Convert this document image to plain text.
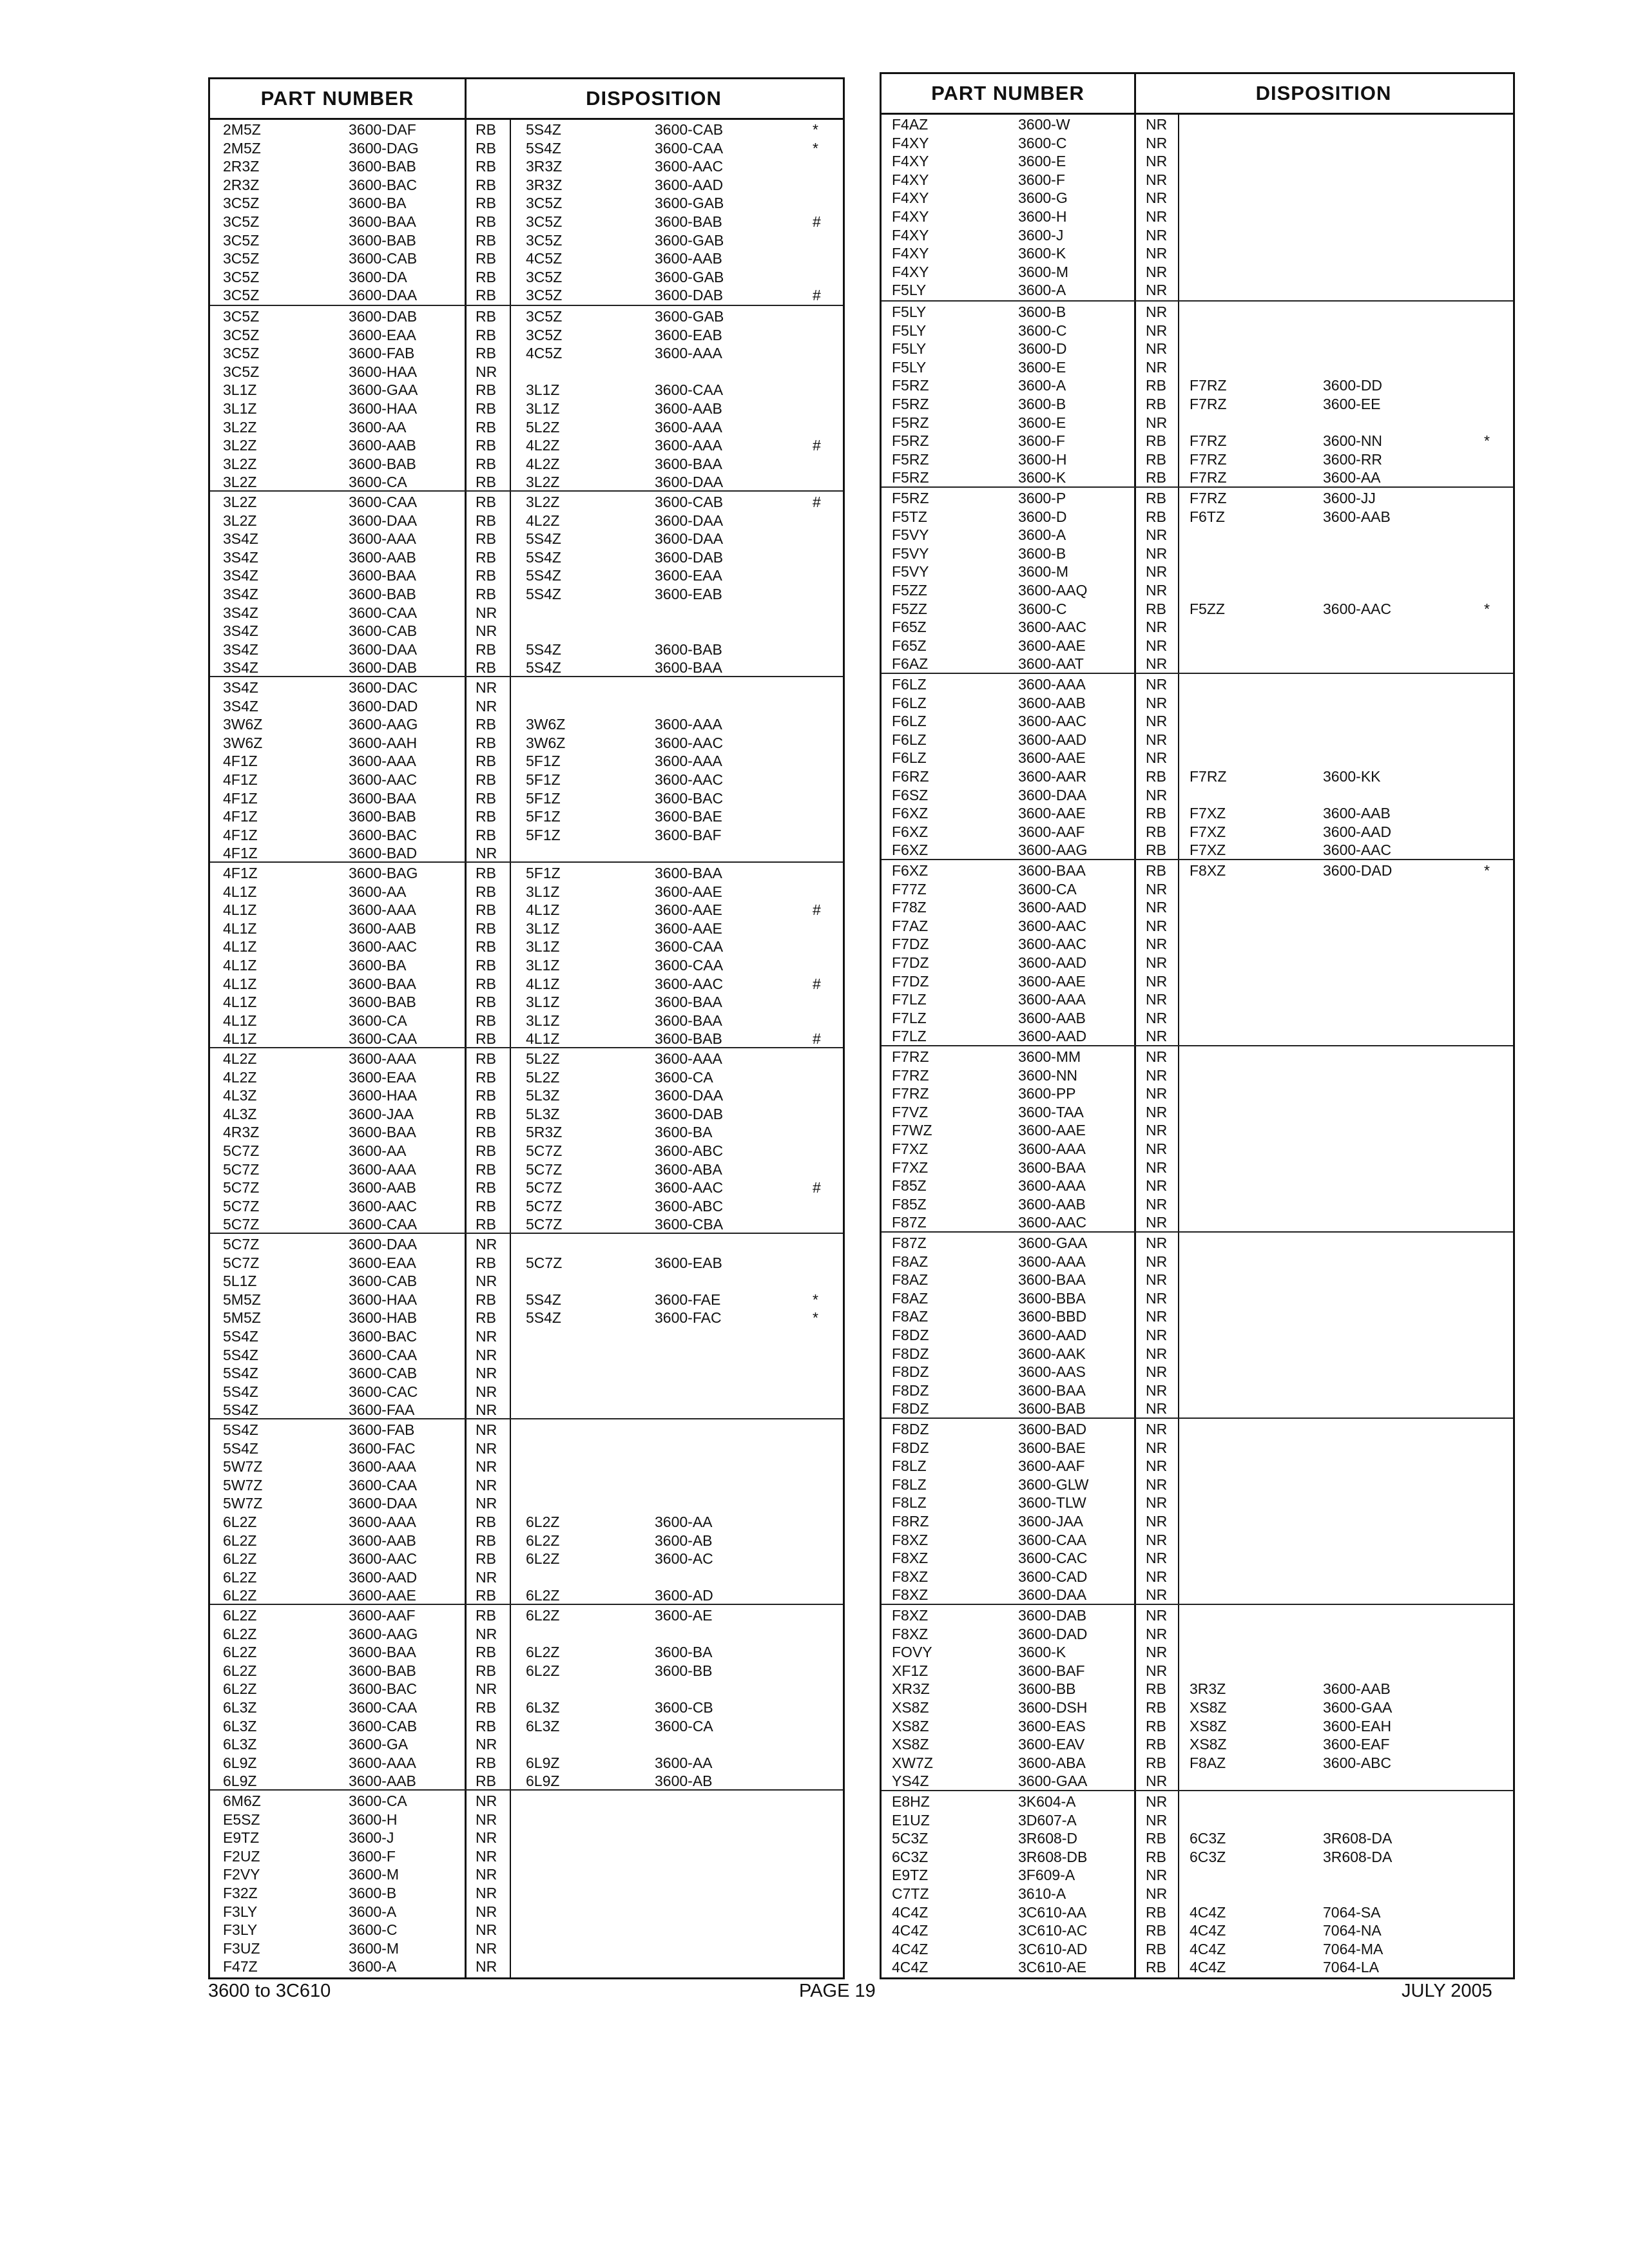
PART NUMBER	DISPOSITION
2M5Z	3600-DAF	RB 5S4Z	3600-CAB	*
2M5Z	3600-DAG	RB 5S4Z	3600-CAA	*
2R3Z	3600-BAB	RB 3R3Z	3600-AAC
2R3Z	3600-BAC	RB 3R3Z	3600-AAD
3C5Z	3600-BA	RB 3C5Z	3600-GAB
3C5Z	3600-BAA	RB 3C5Z	3600-BAB	#
3C5Z	3600-BAB	RB 3C5Z	3600-GAB
3C5Z	3600-CAB	RB 4C5Z	3600-AAB
3C5Z	3600-DA	RB 3C5Z	3600-GAB
3C5Z	3600-DAA	RB 3C5Z	3600-DAB	#
3C5Z	3600-DAB	RB 3C5Z	3600-GAB
3C5Z	3600-EAA	RB 3C5Z	3600-EAB
3C5Z	3600-FAB	RB 4C5Z	3600-AAA
3C5Z	3600-HAA	NR
3L1Z	3600-GAA	RB 3L1Z	3600-CAA
3L1Z	3600-HAA	RB 3L1Z	3600-AAB
3L2Z	3600-AA	RB 5L2Z	3600-AAA
3L2Z	3600-AAB	RB 4L2Z	3600-AAA	#
3L2Z	3600-BAB	RB 4L2Z	3600-BAA
3L2Z	3600-CA	RB 3L2Z	3600-DAA
3L2Z	3600-CAA	RB 3L2Z	3600-CAB	#
3L2Z	3600-DAA	RB 4L2Z	3600-DAA
3S4Z	3600-AAA	RB 5S4Z	3600-DAA
3S4Z	3600-AAB	RB 5S4Z	3600-DAB
3S4Z	3600-BAA	RB 5S4Z	3600-EAA
3S4Z	3600-BAB	RB 5S4Z	3600-EAB
3S4Z	3600-CAA	NR
3S4Z	3600-CAB	NR
3S4Z	3600-DAA	RB 5S4Z	3600-BAB
3S4Z	3600-DAB	RB 5S4Z	3600-BAA
3S4Z	3600-DAC	NR
3S4Z	3600-DAD	NR
3W6Z	3600-AAG	RB 3W6Z	3600-AAA
3W6Z	3600-AAH	RB 3W6Z	3600-AAC
4F1Z	3600-AAA	RB 5F1Z	3600-AAA
4F1Z	3600-AAC	RB 5F1Z	3600-AAC
4F1Z	3600-BAA	RB 5F1Z	3600-BAC
4F1Z	3600-BAB	RB 5F1Z	3600-BAE
4F1Z	3600-BAC	RB 5F1Z	3600-BAF
4F1Z	3600-BAD	NR
4F1Z	3600-BAG	RB 5F1Z	3600-BAA
4L1Z	3600-AA	RB 3L1Z	3600-AAE
4L1Z	3600-AAA	RB 4L1Z	3600-AAE	#
4L1Z	3600-AAB	RB 3L1Z	3600-AAE
4L1Z	3600-AAC	RB 3L1Z	3600-CAA
4L1Z	3600-BA	RB 3L1Z	3600-CAA
4L1Z	3600-BAA	RB 4L1Z	3600-AAC	#
4L1Z	3600-BAB	RB 3L1Z	3600-BAA
4L1Z	3600-CA	RB 3L1Z	3600-BAA
4L1Z	3600-CAA	RB 4L1Z	3600-BAB	#
4L2Z	3600-AAA	RB 5L2Z	3600-AAA
4L2Z	3600-EAA	RB 5L2Z	3600-CA
4L3Z	3600-HAA	RB 5L3Z	3600-DAA
4L3Z	3600-JAA	RB 5L3Z	3600-DAB
4R3Z	3600-BAA	RB 5R3Z	3600-BA
5C7Z	3600-AA	RB 5C7Z	3600-ABC
5C7Z	3600-AAA	RB 5C7Z	3600-ABA
5C7Z	3600-AAB	RB 5C7Z	3600-AAC	#
5C7Z	3600-AAC	RB 5C7Z	3600-ABC
5C7Z	3600-CAA	RB 5C7Z	3600-CBA
5C7Z	3600-DAA	NR
5C7Z	3600-EAA	RB 5C7Z	3600-EAB
5L1Z	3600-CAB	NR
5M5Z	3600-HAA	RB 5S4Z	3600-FAE	*
5M5Z	3600-HAB	RB 5S4Z	3600-FAC	*
5S4Z	3600-BAC	NR
5S4Z	3600-CAA	NR
5S4Z	3600-CAB	NR
5S4Z	3600-CAC	NR
5S4Z	3600-FAA	NR
5S4Z	3600-FAB	NR
5S4Z	3600-FAC	NR
5W7Z	3600-AAA	NR
5W7Z	3600-CAA	NR
5W7Z	3600-DAA	NR
6L2Z	3600-AAA	RB 6L2Z	3600-AA
6L2Z	3600-AAB	RB 6L2Z	3600-AB
6L2Z	3600-AAC	RB 6L2Z	3600-AC
6L2Z	3600-AAD	NR
6L2Z	3600-AAE	RB 6L2Z	3600-AD
6L2Z	3600-AAF	RB 6L2Z	3600-AE
6L2Z	3600-AAG	NR
6L2Z	3600-BAA	RB 6L2Z	3600-BA
6L2Z	3600-BAB	RB 6L2Z	3600-BB
6L2Z	3600-BAC	NR
6L3Z	3600-CAA	RB 6L3Z	3600-CB
6L3Z	3600-CAB	RB 6L3Z	3600-CA
6L3Z	3600-GA	NR
6L9Z	3600-AAA	RB 6L9Z	3600-AA
6L9Z	3600-AAB	RB 6L9Z	3600-AB
6M6Z	3600-CA	NR
E5SZ	3600-H	NR
E9TZ	3600-J	NR
F2UZ	3600-F	NR
F2VY	3600-M	NR
F32Z	3600-B	NR
F3LY	3600-A	NR
F3LY	3600-C	NR
F3UZ	3600-M	NR
F47Z	3600-A	NR
PART NUMBER	DISPOSITION
F4AZ	3600-W	NR
F4XY	3600-C	NR
F4XY	3600-E	NR
F4XY	3600-F	NR
F4XY	3600-G	NR
F4XY	3600-H	NR
F4XY	3600-J	NR
F4XY	3600-K	NR
F4XY	3600-M	NR
F5LY	3600-A	NR
F5LY	3600-B	NR
F5LY	3600-C	NR
F5LY	3600-D	NR
F5LY	3600-E	NR
F5RZ	3600-A	RB F7RZ	3600-DD
F5RZ	3600-B	RB F7RZ	3600-EE
F5RZ	3600-E	NR
F5RZ	3600-F	RB F7RZ	3600-NN	*
F5RZ	3600-H	RB F7RZ	3600-RR
F5RZ	3600-K	RB F7RZ	3600-AA
F5RZ	3600-P	RB F7RZ	3600-JJ
F5TZ	3600-D	RB F6TZ	3600-AAB
F5VY	3600-A	NR
F5VY	3600-B	NR
F5VY	3600-M	NR
F5ZZ	3600-AAQ	NR
F5ZZ	3600-C	RB F5ZZ	3600-AAC	*
F65Z	3600-AAC	NR
F65Z	3600-AAE	NR
F6AZ	3600-AAT	NR
F6LZ	3600-AAA	NR
F6LZ	3600-AAB	NR
F6LZ	3600-AAC	NR
F6LZ	3600-AAD	NR
F6LZ	3600-AAE	NR
F6RZ	3600-AAR	RB F7RZ	3600-KK
F6SZ	3600-DAA	NR
F6XZ	3600-AAE	RB F7XZ	3600-AAB
F6XZ	3600-AAF	RB F7XZ	3600-AAD
F6XZ	3600-AAG	RB F7XZ	3600-AAC
F6XZ	3600-BAA	RB F8XZ	3600-DAD	*
F77Z	3600-CA	NR
F78Z	3600-AAD	NR
F7AZ	3600-AAC	NR
F7DZ	3600-AAC	NR
F7DZ	3600-AAD	NR
F7DZ	3600-AAE	NR
F7LZ	3600-AAA	NR
F7LZ	3600-AAB	NR
F7LZ	3600-AAD	NR
F7RZ	3600-MM	NR
F7RZ	3600-NN	NR
F7RZ	3600-PP	NR
F7VZ	3600-TAA	NR
F7WZ	3600-AAE	NR
F7XZ	3600-AAA	NR
F7XZ	3600-BAA	NR
F85Z	3600-AAA	NR
F85Z	3600-AAB	NR
F87Z	3600-AAC	NR
F87Z	3600-GAA	NR
F8AZ	3600-AAA	NR
F8AZ	3600-BAA	NR
F8AZ	3600-BBA	NR
F8AZ	3600-BBD	NR
F8DZ	3600-AAD	NR
F8DZ	3600-AAK	NR
F8DZ	3600-AAS	NR
F8DZ	3600-BAA	NR
F8DZ	3600-BAB	NR
F8DZ	3600-BAD	NR
F8DZ	3600-BAE	NR
F8LZ	3600-AAF	NR
F8LZ	3600-GLW	NR
F8LZ	3600-TLW	NR
F8RZ	3600-JAA	NR
F8XZ	3600-CAA	NR
F8XZ	3600-CAC	NR
F8XZ	3600-CAD	NR
F8XZ	3600-DAA	NR
F8XZ	3600-DAB	NR
F8XZ	3600-DAD	NR
FOVY	3600-K	NR
XF1Z	3600-BAF	NR
XR3Z	3600-BB	RB 3R3Z	3600-AAB
XS8Z	3600-DSH	RB XS8Z	3600-GAA
XS8Z	3600-EAS	RB XS8Z	3600-EAH
XS8Z	3600-EAV	RB XS8Z	3600-EAF
XW7Z	3600-ABA	RB F8AZ	3600-ABC
YS4Z	3600-GAA	NR
E8HZ	3K604-A	NR
E1UZ	3D607-A	NR
5C3Z	3R608-D	RB 6C3Z	3R608-DA
6C3Z	3R608-DB	RB 6C3Z	3R608-DA
E9TZ	3F609-A	NR
C7TZ	3610-A	NR
4C4Z	3C610-AA	RB 4C4Z	7064-SA
4C4Z	3C610-AC	RB 4C4Z	7064-NA
4C4Z	3C610-AD	RB 4C4Z	7064-MA
4C4Z	3C610-AE	RB 4C4Z	7064-LA
3600 to 3C610	PAGE 19	JULY 2005
